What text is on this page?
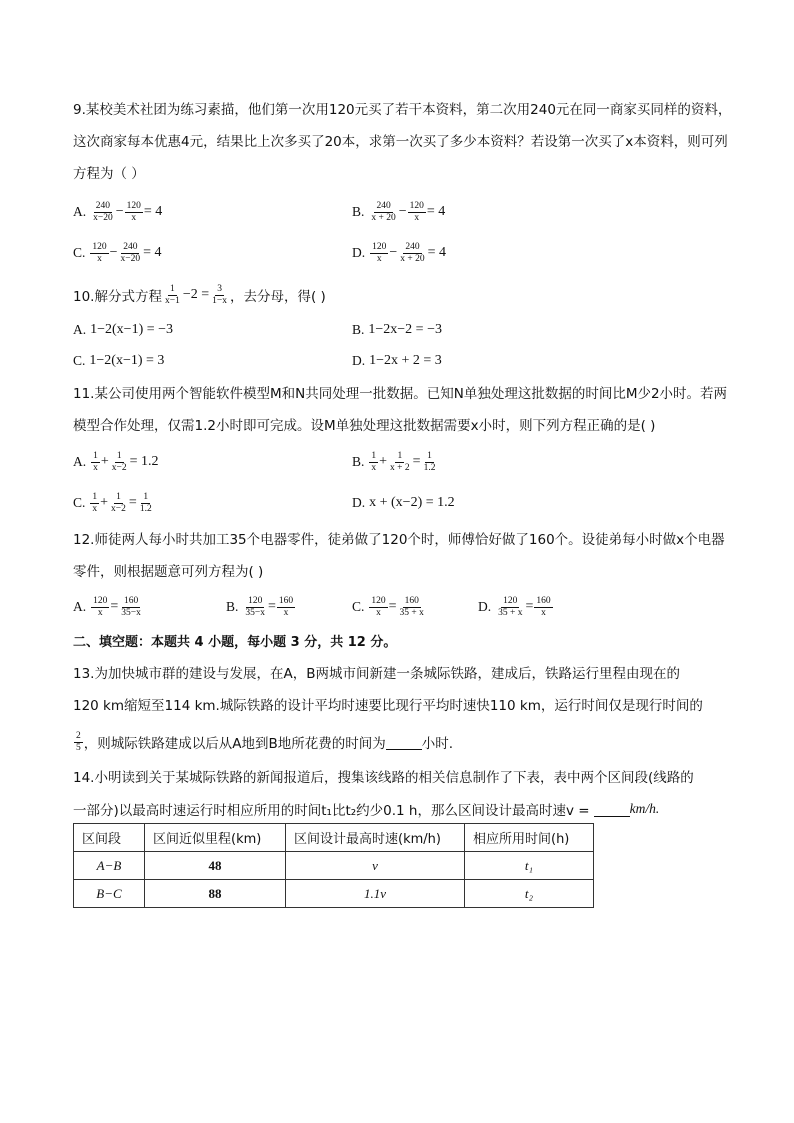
9.某校美术社团为练习素描，他们第一次用120元买了若干本资料，第二次用240元在同一商家买同样的资料，这次商家每本优惠4元，结果比上次多买了20本，求第一次买了多少本资料？若设第一次买了x本资料，则可列方程为（ ）
A. $\frac{240}{x-20} - \frac{120}{x} = 4$	B. $\frac{240}{x + 20} - \frac{120}{x} = 4$
C. $\frac{120}{x} - \frac{240}{x-20} = 4$	D. $\frac{120}{x} - \frac{240}{x + 20} = 4$
10.解分式方程 $\frac{1}{x-1} -2 = \frac{3}{1-x}$ ，去分母，得( )
A. 1−2(x−1) = −3	B. 1−2x−2 = −3
C. 1−2(x−1) = 3	D. 1−2x + 2 = 3
11.某公司使用两个智能软件模型M和N共同处理一批数据。已知N单独处理这批数据的时间比M少2小时。若两模型合作处理，仅需1.2小时即可完成。设M单独处理这批数据需要x小时，则下列方程正确的是( )
A. $\frac{1}{x} + \frac{1}{x-2} = 1.2$	B. $\frac{1}{x} + \frac{1}{x + 2} = \frac{1}{1.2}$
C. $\frac{1}{x} + \frac{1}{x-2} = \frac{1}{1.2}$	D. x + (x−2) = 1.2
12.师徒两人每小时共加工35个电器零件，徒弟做了120个时，师傅恰好做了160个。设徒弟每小时做x个电器零件，则根据题意可列方程为( )
A. $\frac{120}{x} = \frac{160}{35-x}$	B. $\frac{120}{35-x} = \frac{160}{x}$	C. $\frac{120}{x} = \frac{160}{35 + x}$	D. $\frac{120}{35 + x} = \frac{160}{x}$
二、填空题：本题共 4 小题，每小题 3 分，共 12 分。
13.为加快城市群的建设与发展，在A，B两城市间新建一条城际铁路，建成后，铁路运行里程由现在的
120 km缩短至114 km.城际铁路的设计平均时速要比现行平均时速快110 km，运行时间仅是现行时间的
$\frac{2}{5}$ ，则城际铁路建成以后从A地到B地所花费的时间为	小时.
14.小明读到关于某城际铁路的新闻报道后，搜集该线路的相关信息制作了下表，表中两个区间段(线路的
一部分)以最高时速运行时相应所用的时间t₁比t₂约少0.1 h，那么区间设计最高时速v =	km/h.
区间段	区间近似里程(km)	区间设计最高时速(km/h)	相应所用时间(h)
A−B	48	v	t₁
B−C	88	1.1v	t₂
